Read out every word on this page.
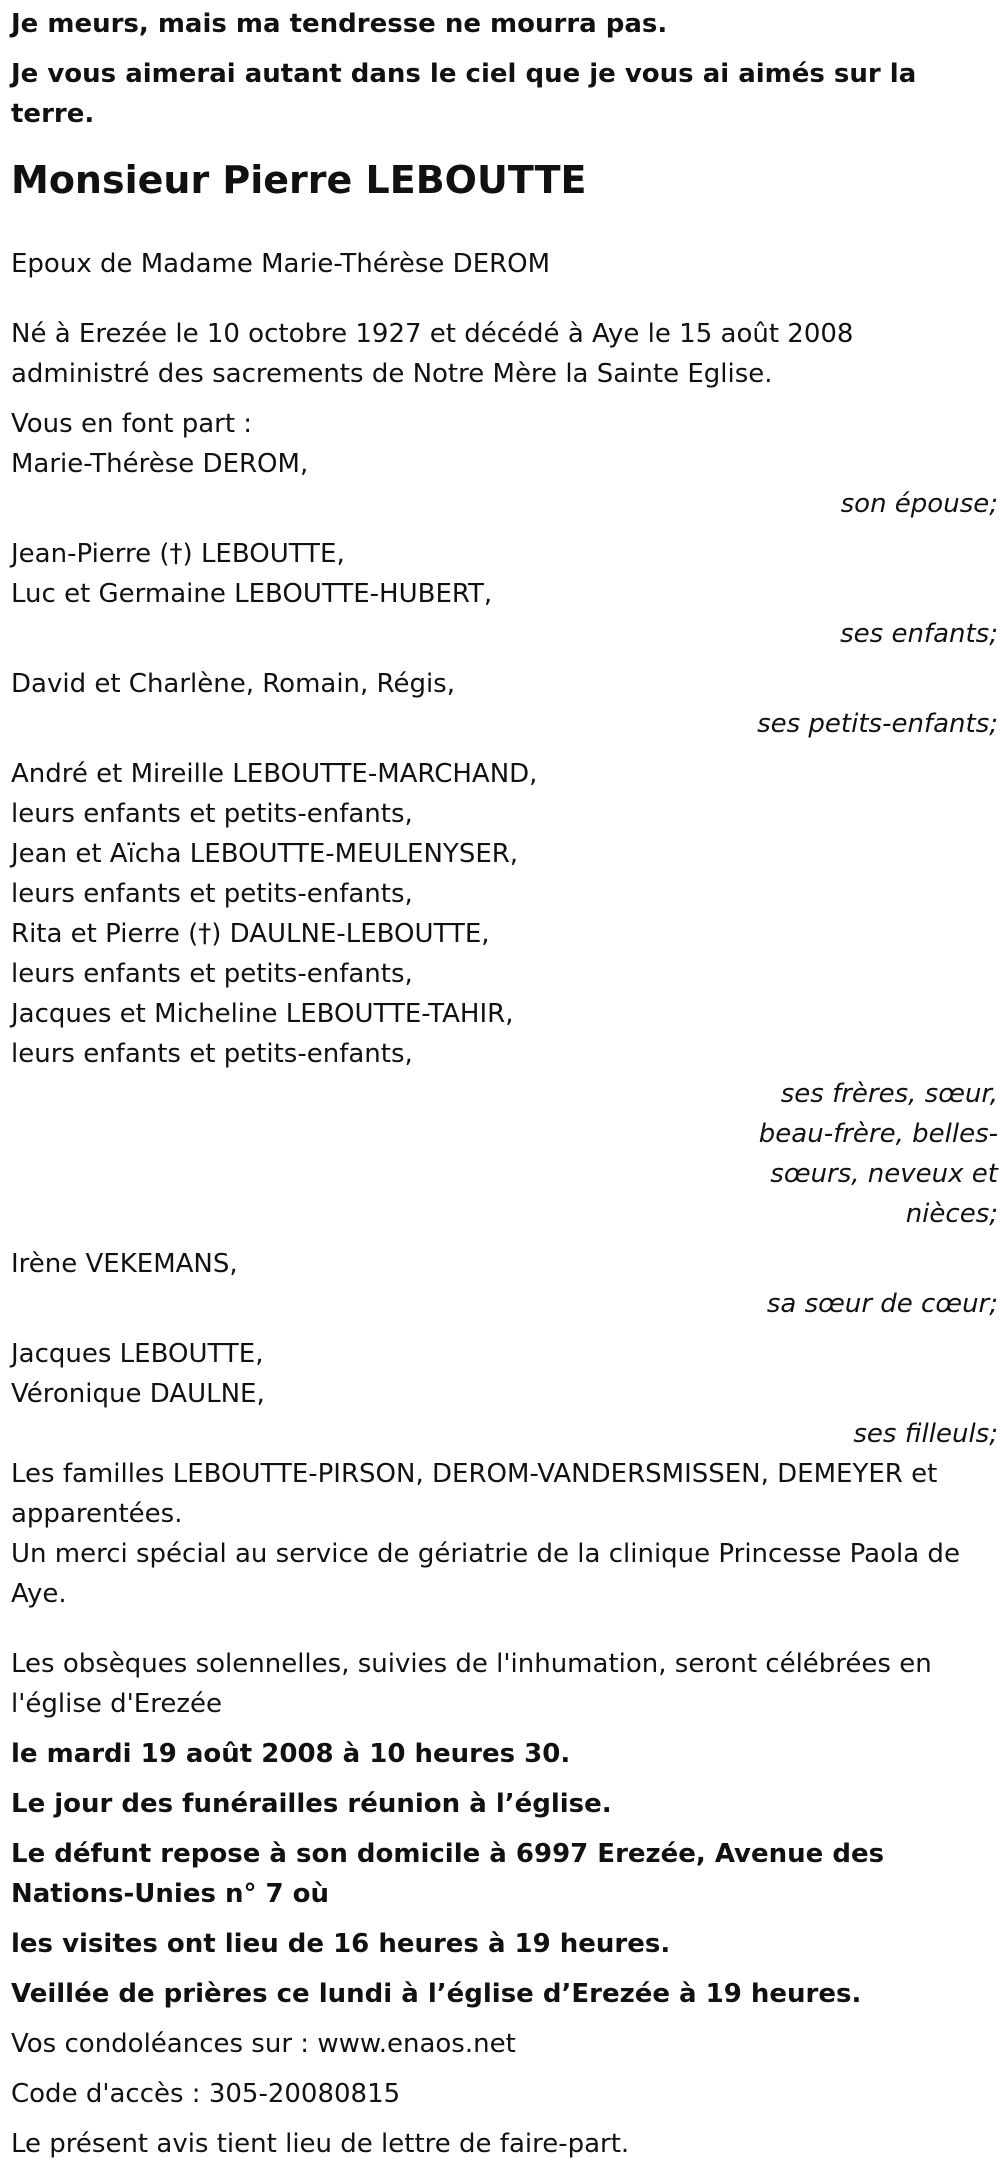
Je meurs, mais ma tendresse ne mourra pas.
Je vous aimerai autant dans le ciel que je vous ai aimés sur la terre.
Monsieur Pierre LEBOUTTE
Epoux de Madame Marie-Thérèse DEROM
Né à Erezée le 10 octobre 1927 et décédé à Aye le 15 août 2008
administré des sacrements de Notre Mère la Sainte Eglise.
Vous en font part :
Marie-Thérèse DEROM,
son épouse;
Jean-Pierre (†) LEBOUTTE,
Luc et Germaine LEBOUTTE-HUBERT,
ses enfants;
David et Charlène, Romain, Régis,
ses petits-enfants;
André et Mireille LEBOUTTE-MARCHAND,
leurs enfants et petits-enfants,
Jean et Aïcha LEBOUTTE-MEULENYSER,
leurs enfants et petits-enfants,
Rita et Pierre (†) DAULNE-LEBOUTTE,
leurs enfants et petits-enfants,
Jacques et Micheline LEBOUTTE-TAHIR,
leurs enfants et petits-enfants,
ses frères, sœur,
beau-frère, belles-
sœurs, neveux et
nièces;
Irène VEKEMANS,
sa sœur de cœur;
Jacques LEBOUTTE,
Véronique DAULNE,
ses filleuls;
Les familles LEBOUTTE-PIRSON, DEROM-VANDERSMISSEN, DEMEYER et
apparentées.
Un merci spécial au service de gériatrie de la clinique Princesse Paola de
Aye.
Les obsèques solennelles, suivies de l'inhumation, seront célébrées en
l'église d'Erezée
le mardi 19 août 2008 à 10 heures 30.
Le jour des funérailles réunion à l’église.
Le défunt repose à son domicile à 6997 Erezée, Avenue des
Nations-Unies n° 7 où
les visites ont lieu de 16 heures à 19 heures.
Veillée de prières ce lundi à l’église d’Erezée à 19 heures.
Vos condoléances sur : www.enaos.net
Code d'accès : 305-20080815
Le présent avis tient lieu de lettre de faire-part.
